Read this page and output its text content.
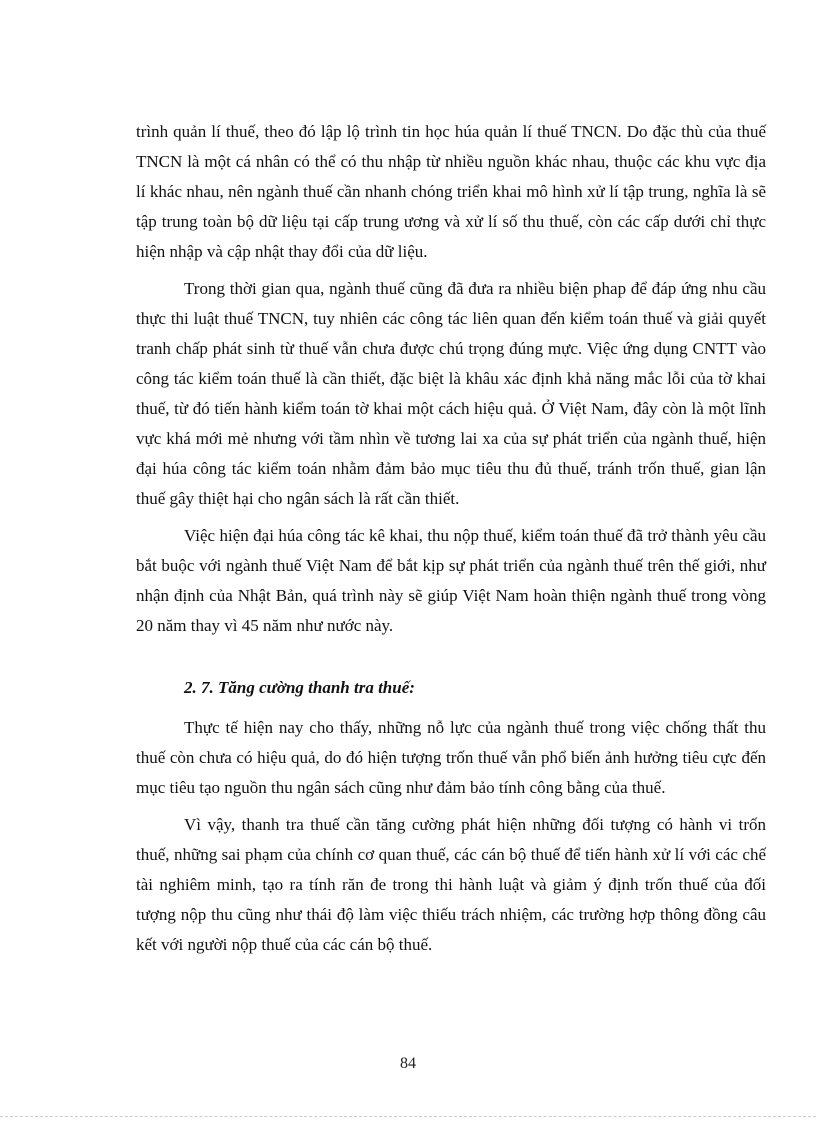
trình quản lí thuế, theo đó lập lộ trình tin học húa quản lí thuế TNCN. Do đặc thù của thuế TNCN là một cá nhân có thể có thu nhập từ nhiều nguồn khác nhau, thuộc các khu vực địa lí khác nhau, nên ngành thuế cần nhanh chóng triển khai mô hình xử lí tập trung, nghĩa là sẽ tập trung toàn bộ dữ liệu tại cấp trung ương và xử lí số thu thuế, còn các cấp dưới chỉ thực hiện nhập và cập nhật thay đổi của dữ liệu.

Trong thời gian qua, ngành thuế cũng đã đưa ra nhiều biện phap để đáp ứng nhu cầu thực thi luật thuế TNCN, tuy nhiên các công tác liên quan đến kiểm toán thuế và giải quyết tranh chấp phát sinh từ thuế vẫn chưa được chú trọng đúng mực. Việc ứng dụng CNTT vào công tác kiểm toán thuế là cần thiết, đặc biệt là khâu xác định khả năng mắc lỗi của tờ khai thuế, từ đó tiến hành kiểm toán tờ khai một cách hiệu quả. Ở Việt Nam, đây còn là một lĩnh vực khá mới mẻ nhưng với tầm nhìn về tương lai xa của sự phát triển của ngành thuế, hiện đại húa công tác kiểm toán nhằm đảm bảo mục tiêu thu đủ thuế, tránh trốn thuế, gian lận thuế gây thiệt hại cho ngân sách là rất cần thiết.

Việc hiện đại húa công tác kê khai, thu nộp thuế, kiểm toán thuế đã trở thành yêu cầu bắt buộc với ngành thuế Việt Nam để bắt kịp sự phát triển của ngành thuế trên thế giới, như nhận định của Nhật Bản, quá trình này sẽ giúp Việt Nam hoàn thiện ngành thuế trong vòng 20 năm thay vì 45 năm như nước này.

2. 7. Tăng cường thanh tra thuế:

Thực tế hiện nay cho thấy, những nỗ lực của ngành thuế trong việc chống thất thu thuế còn chưa có hiệu quả, do đó hiện tượng trốn thuế vẫn phổ biến ảnh hưởng tiêu cực đến mục tiêu tạo nguồn thu ngân sách cũng như đảm bảo tính công bằng của thuế.

Vì vậy, thanh tra thuế cần tăng cường phát hiện những đối tượng có hành vi trốn thuế, những sai phạm của chính cơ quan thuế, các cán bộ thuế để tiến hành xử lí với các chế tài nghiêm minh, tạo ra tính răn đe trong thi hành luật và giảm ý định trốn thuế của đối tượng nộp thu cũng như thái độ làm việc thiếu trách nhiệm, các trường hợp thông đồng câu kết với người nộp thuế của các cán bộ thuế.

84
